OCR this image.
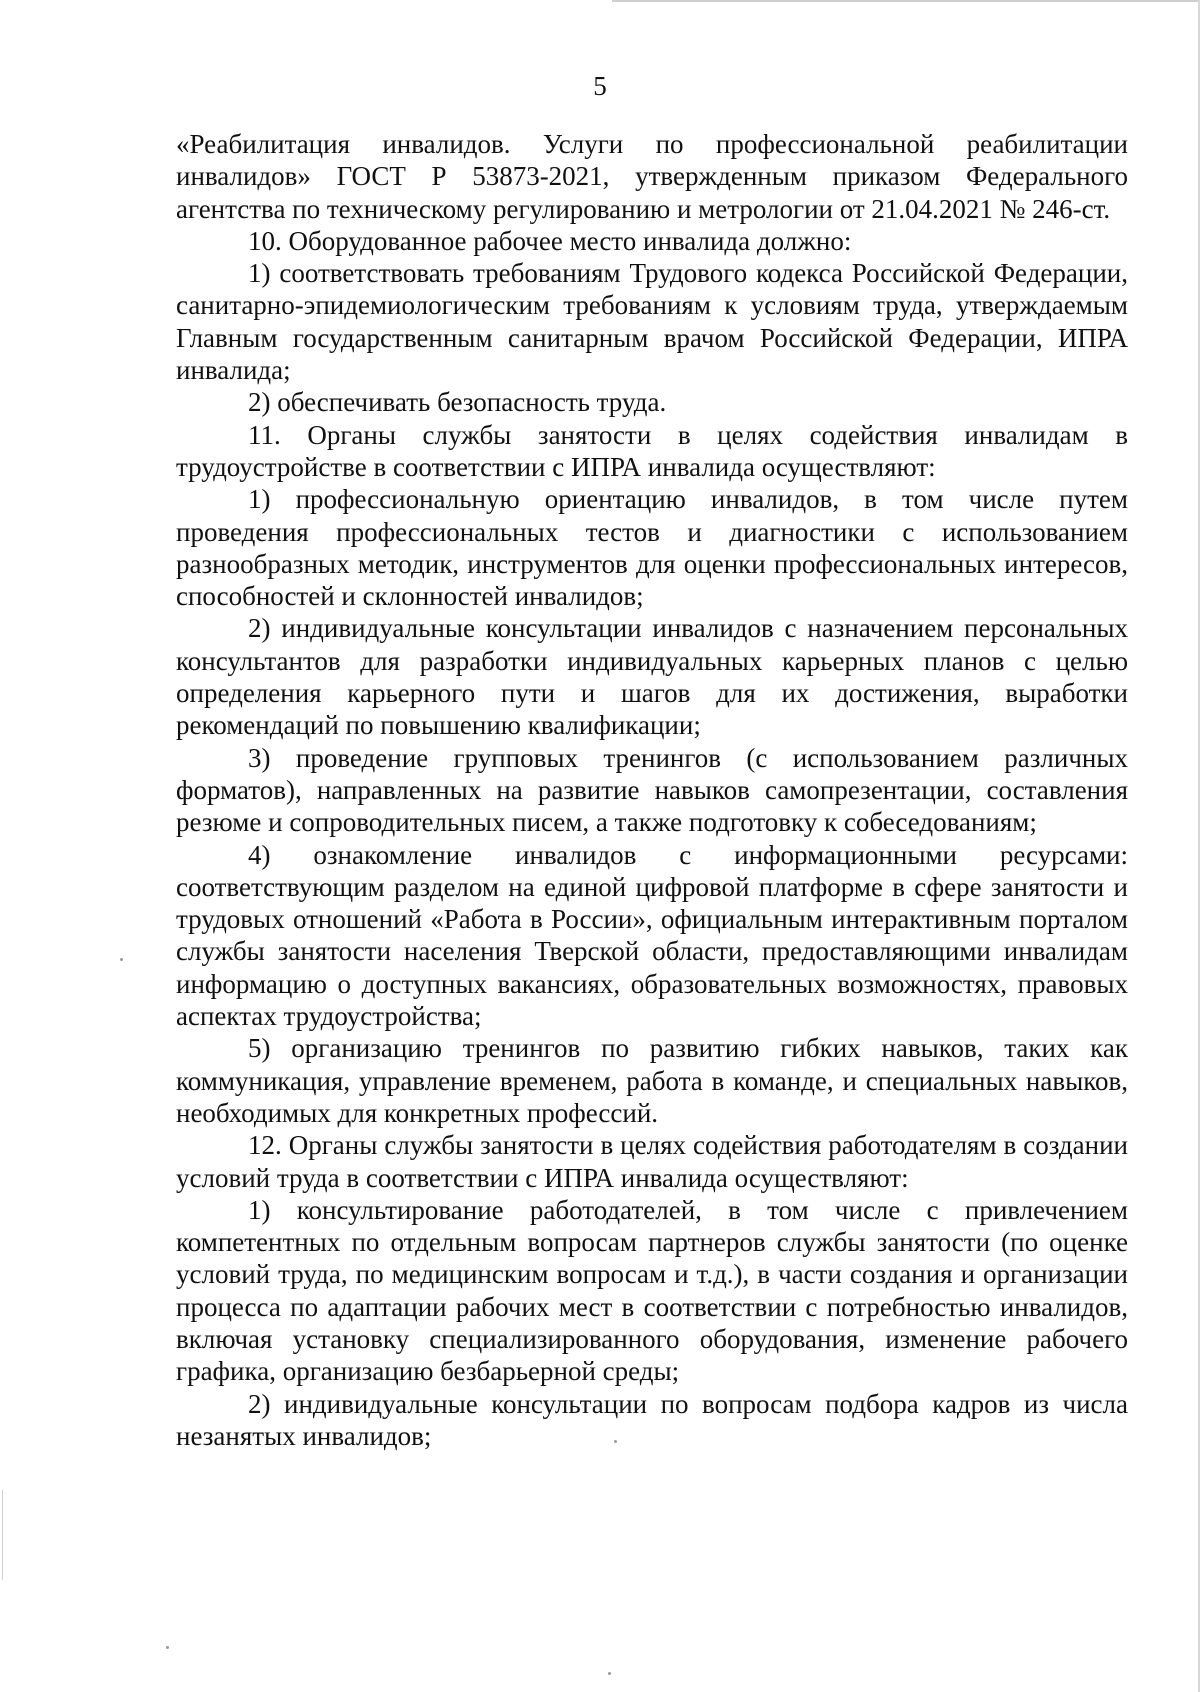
5

«Реабилитация инвалидов. Услуги по профессиональной реабилитации инвалидов» ГОСТ Р 53873-2021, утвержденным приказом Федерального агентства по техническому регулированию и метрологии от 21.04.2021 № 246-ст.

10. Оборудованное рабочее место инвалида должно:

1) соответствовать требованиям Трудового кодекса Российской Федерации, санитарно-эпидемиологическим требованиям к условиям труда, утверждаемым Главным государственным санитарным врачом Российской Федерации, ИПРА инвалида;

2) обеспечивать безопасность труда.

11. Органы службы занятости в целях содействия инвалидам в трудоустройстве в соответствии с ИПРА инвалида осуществляют:

1) профессиональную ориентацию инвалидов, в том числе путем проведения профессиональных тестов и диагностики с использованием разнообразных методик, инструментов для оценки профессиональных интересов, способностей и склонностей инвалидов;

2) индивидуальные консультации инвалидов с назначением персональных консультантов для разработки индивидуальных карьерных планов с целью определения карьерного пути и шагов для их достижения, выработки рекомендаций по повышению квалификации;

3) проведение групповых тренингов (с использованием различных форматов), направленных на развитие навыков самопрезентации, составления резюме и сопроводительных писем, а также подготовку к собеседованиям;

4) ознакомление инвалидов с информационными ресурсами: соответствующим разделом на единой цифровой платформе в сфере занятости и трудовых отношений «Работа в России», официальным интерактивным порталом службы занятости населения Тверской области, предоставляющими инвалидам информацию о доступных вакансиях, образовательных возможностях, правовых аспектах трудоустройства;

5) организацию тренингов по развитию гибких навыков, таких как коммуникация, управление временем, работа в команде, и специальных навыков, необходимых для конкретных профессий.

12. Органы службы занятости в целях содействия работодателям в создании условий труда в соответствии с ИПРА инвалида осуществляют:

1) консультирование работодателей, в том числе с привлечением компетентных по отдельным вопросам партнеров службы занятости (по оценке условий труда, по медицинским вопросам и т.д.), в части создания и организации процесса по адаптации рабочих мест в соответствии с потребностью инвалидов, включая установку специализированного оборудования, изменение рабочего графика, организацию безбарьерной среды;

2) индивидуальные консультации по вопросам подбора кадров из числа незанятых инвалидов;
